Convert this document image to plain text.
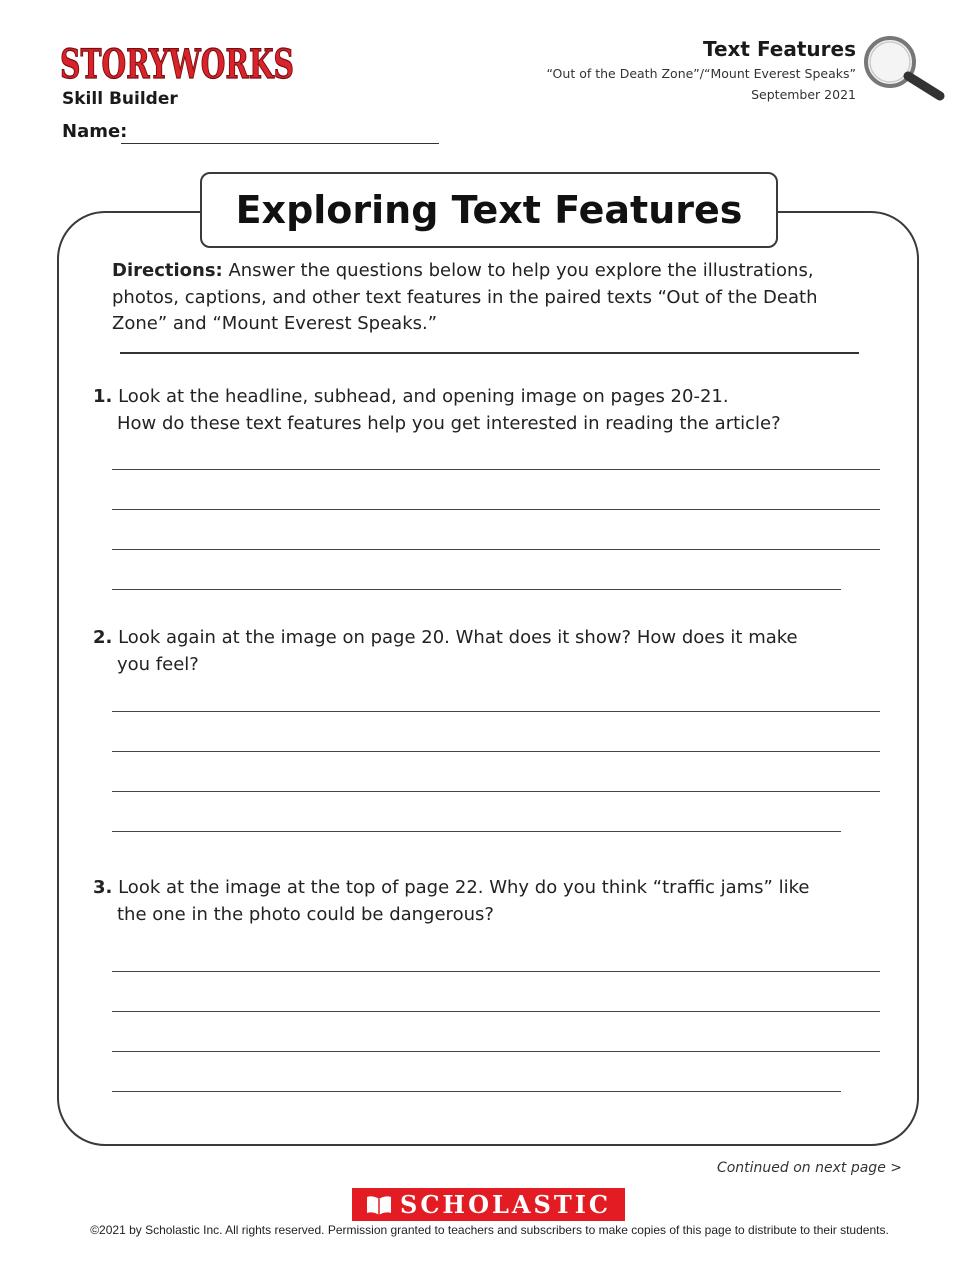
STORYWORKS
Skill Builder
Name:
Text Features
“Out of the Death Zone”/“Mount Everest Speaks”
September 2021
Exploring Text Features
Directions: Answer the questions below to help you explore the illustrations, photos, captions, and other text features in the paired texts “Out of the Death Zone” and “Mount Everest Speaks.”
1. Look at the headline, subhead, and opening image on pages 20-21.
How do these text features help you get interested in reading the article?
2. Look again at the image on page 20. What does it show? How does it make
you feel?
3. Look at the image at the top of page 22. Why do you think “traffic jams” like
the one in the photo could be dangerous?
Continued on next page >
SCHOLASTIC
©2021 by Scholastic Inc. All rights reserved. Permission granted to teachers and subscribers to make copies of this page to distribute to their students.
